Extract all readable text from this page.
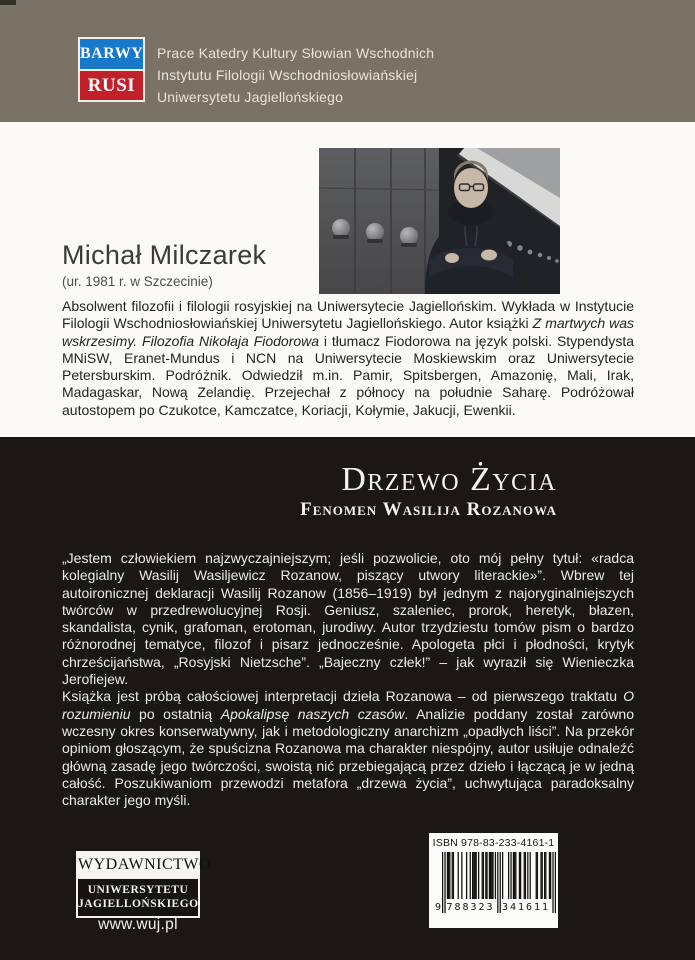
BARWY
RUSI
Prace Katedry Kultury Słowian Wschodnich
Instytutu Filologii Wschodniosłowiańskiej
Uniwersytetu Jagiellońskiego
Michał Milczarek
(ur. 1981 r. w Szczecinie)

Absolwent filozofii i filologii rosyjskiej na Uniwersytecie Jagiellońskim. Wykłada w Instytucie Filologii Wschodniosłowiańskiej Uniwersytetu Jagiellońskiego. Autor książki Z martwych was wskrzesimy. Filozofia Nikołaja Fiodorowa i tłumacz Fiodorowa na język polski. Stypendysta MNiSW, Eranet-Mundus i NCN na Uniwersytecie Moskiewskim oraz Uniwersytecie Petersburskim. Podróżnik. Odwiedził m.in. Pamir, Spitsbergen, Amazonię, Mali, Irak, Madagaskar, Nową Zelandię. Przejechał z północy na południe Saharę. Podróżował autostopem po Czukotce, Kamczatce, Koriacji, Kołymie, Jakucji, Ewenkii.

Drzewo Życia
Fenomen Wasilija Rozanowa

„Jestem człowiekiem najzwyczajniejszym; jeśli pozwolicie, oto mój pełny tytuł: «radca kolegialny Wasilij Wasiljewicz Rozanow, piszący utwory literackie»”. Wbrew tej autoironicznej deklaracji Wasilij Rozanow (1856–1919) był jednym z najoryginalniejszych twórców w przedrewolucyjnej Rosji. Geniusz, szaleniec, prorok, heretyk, błazen, skandalista, cynik, grafoman, erotoman, jurodiwy. Autor trzydziestu tomów pism o bardzo różnorodnej tematyce, filozof i pisarz jednocześnie. Apologeta płci i płodności, krytyk chrześcijaństwa, „Rosyjski Nietzsche”. „Bajeczny człek!” – jak wyraził się Wienieczka Jerofiejew.

Książka jest próbą całościowej interpretacji dzieła Rozanowa – od pierwszego traktatu O rozumieniu po ostatnią Apokalipsę naszych czasów. Analizie poddany został zarówno wczesny okres konserwatywny, jak i metodologiczny anarchizm „opadłych liści”. Na przekór opiniom głoszącym, że spuścizna Rozanowa ma charakter niespójny, autor usiłuje odnaleźć główną zasadę jego twórczości, swoistą nić przebiegającą przez dzieło i łączącą je w jedną całość. Poszukiwaniom przewodzi metafora „drzewa życia”, uchwytująca paradoksalny charakter jego myśli.

WYDAWNICTWO
UNIWERSYTETU
JAGIELLOŃSKIEGO
www.wuj.pl
ISBN 978-83-233-4161-1
9 788323 341611
